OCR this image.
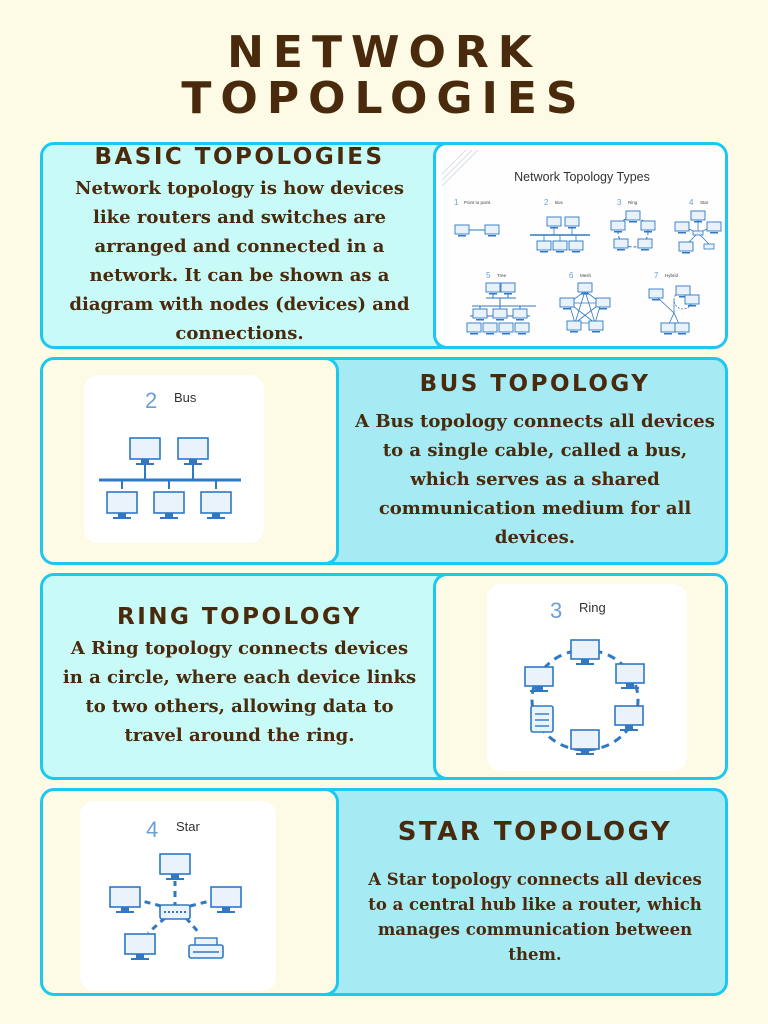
NETWORK
TOPOLOGIES
BASIC TOPOLOGIES
Network topology is how devices like routers and switches are arranged and connected in a network. It can be shown as a diagram with nodes (devices) and connections.
Network Topology Types
1 Point to point	2 Bus	3 Ring	4 Star
5 Tree	6 Mesh	7 Hybrid
2 Bus
BUS TOPOLOGY
A Bus topology connects all devices to a single cable, called a bus, which serves as a shared communication medium for all devices.
RING TOPOLOGY
A Ring topology connects devices in a circle, where each device links to two others, allowing data to travel around the ring.
3 Ring
4 Star	STAR TOPOLOGY
A Star topology connects all devices to a central hub like a router, which manages communication between them.
